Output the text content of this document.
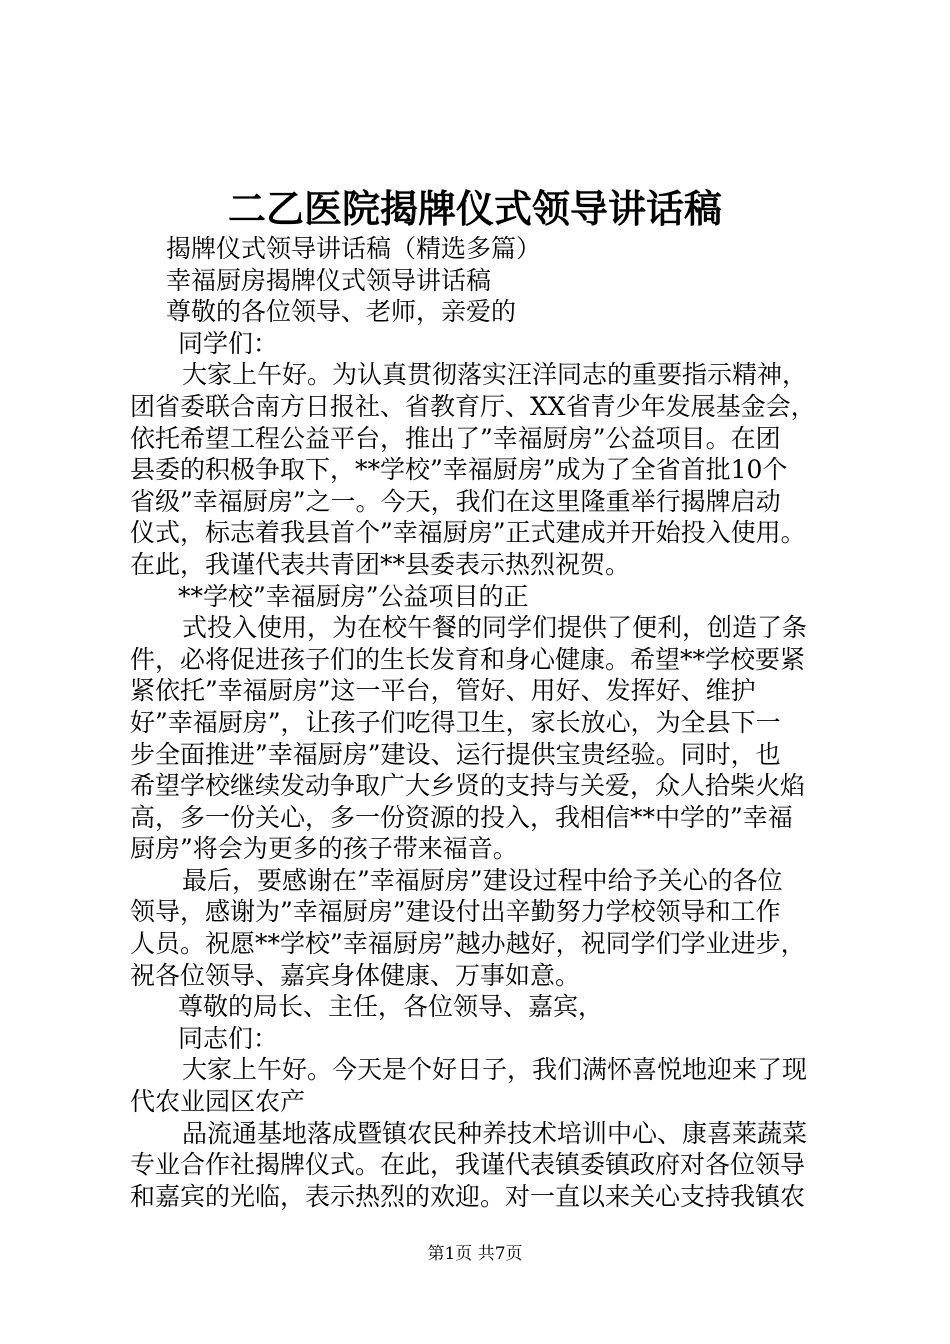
二乙医院揭牌仪式领导讲话稿
揭牌仪式领导讲话稿（精选多篇）
幸福厨房揭牌仪式领导讲话稿
尊敬的各位领导、老师，亲爱的
同学们：
大家上午好。为认真贯彻落实汪洋同志的重要指示精神，
团省委联合南方日报社、省教育厅、XX省青少年发展基金会，
依托希望工程公益平台，推出了”幸福厨房”公益项目。在团
县委的积极争取下，**学校”幸福厨房”成为了全省首批10个
省级”幸福厨房”之一。今天，我们在这里隆重举行揭牌启动
仪式，标志着我县首个”幸福厨房”正式建成并开始投入使用。
在此，我谨代表共青团**县委表示热烈祝贺。
**学校”幸福厨房”公益项目的正
式投入使用，为在校午餐的同学们提供了便利，创造了条
件，必将促进孩子们的生长发育和身心健康。希望**学校要紧
紧依托”幸福厨房”这一平台，管好、用好、发挥好、维护
好”幸福厨房”，让孩子们吃得卫生，家长放心，为全县下一
步全面推进”幸福厨房”建设、运行提供宝贵经验。同时，也
希望学校继续发动争取广大乡贤的支持与关爱，众人拾柴火焰
高，多一份关心，多一份资源的投入，我相信**中学的”幸福
厨房”将会为更多的孩子带来福音。
最后，要感谢在”幸福厨房”建设过程中给予关心的各位
领导，感谢为”幸福厨房”建设付出辛勤努力学校领导和工作
人员。祝愿**学校”幸福厨房”越办越好，祝同学们学业进步，
祝各位领导、嘉宾身体健康、万事如意。
尊敬的局长、主任，各位领导、嘉宾，
同志们：
大家上午好。今天是个好日子，我们满怀喜悦地迎来了现
代农业园区农产
品流通基地落成暨镇农民种养技术培训中心、康喜莱蔬菜
专业合作社揭牌仪式。在此，我谨代表镇委镇政府对各位领导
和嘉宾的光临，表示热烈的欢迎。对一直以来关心支持我镇农
第1页 共7页
